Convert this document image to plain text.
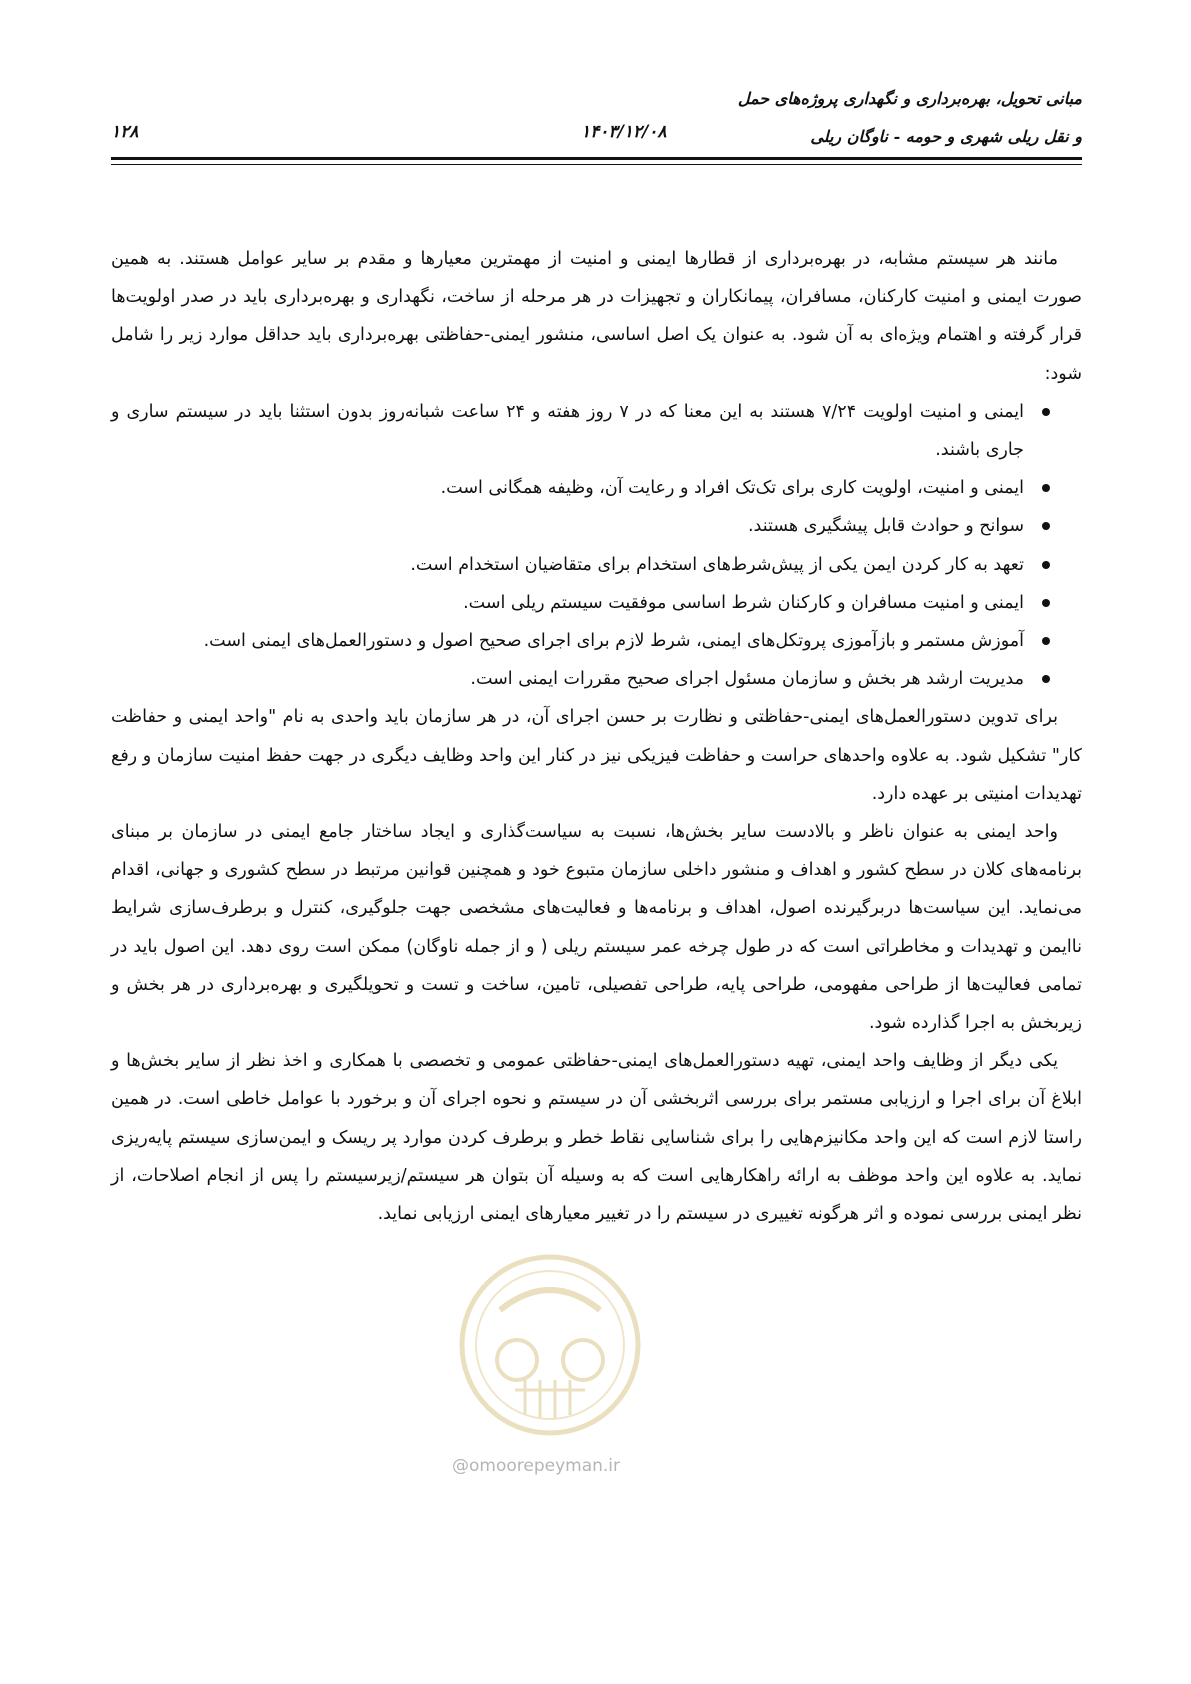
مبانی تحویل، بهره‌برداری و نگهداری پروژه‌های حمل
و نقل ریلی شهری و حومه - ناوگان ریلی
۱۴۰۳/۱۲/۰۸
۱۲۸

مانند هر سیستم مشابه، در بهره‌برداری از قطارها ایمنی و امنیت از مهمترین معیارها و مقدم بر سایر عوامل هستند. به همین صورت ایمنی و امنیت کارکنان، مسافران، پیمانکاران و تجهیزات در هر مرحله از ساخت، نگهداری و بهره‌برداری باید در صدر اولویت‌ها قرار گرفته و اهتمام ویژه‌ای به آن شود. به عنوان یک اصل اساسی، منشور ایمنی-حفاظتی بهره‌برداری باید حداقل موارد زیر را شامل شود:

ایمنی و امنیت اولویت ۷/۲۴ هستند به این معنا که در ۷ روز هفته و ۲۴ ساعت شبانه‌روز بدون استثنا باید در سیستم ساری و جاری باشند.
ایمنی و امنیت، اولویت کاری برای تک‌تک افراد و رعایت آن، وظیفه همگانی است.
سوانح و حوادث قابل پیشگیری هستند.
تعهد به کار کردن ایمن یکی از پیش‌شرط‌های استخدام برای متقاضیان استخدام است.
ایمنی و امنیت مسافران و کارکنان شرط اساسی موفقیت سیستم ریلی است.
آموزش مستمر و بازآموزی پروتکل‌های ایمنی، شرط لازم برای اجرای صحیح اصول و دستورالعمل‌های ایمنی است.
مدیریت ارشد هر بخش و سازمان مسئول اجرای صحیح مقررات ایمنی است.

برای تدوین دستورالعمل‌های ایمنی-حفاظتی و نظارت بر حسن اجرای آن، در هر سازمان باید واحدی به نام "واحد ایمنی و حفاظت کار" تشکیل شود. به علاوه واحدهای حراست و حفاظت فیزیکی نیز در کنار این واحد وظایف دیگری در جهت حفظ امنیت سازمان و رفع تهدیدات امنیتی بر عهده دارد.

واحد ایمنی به عنوان ناظر و بالادست سایر بخش‌ها، نسبت به سیاست‌گذاری و ایجاد ساختار جامع ایمنی در سازمان بر مبنای برنامه‌های کلان در سطح کشور و اهداف و منشور داخلی سازمان متبوع خود و همچنین قوانین مرتبط در سطح کشوری و جهانی، اقدام می‌نماید. این سیاست‌ها دربرگیرنده اصول، اهداف و برنامه‌ها و فعالیت‌های مشخصی جهت جلوگیری، کنترل و برطرف‌سازی شرایط ناایمن و تهدیدات و مخاطراتی است که در طول چرخه عمر سیستم ریلی ( و از جمله ناوگان) ممکن است روی دهد. این اصول باید در تمامی فعالیت‌ها از طراحی مفهومی، طراحی پایه، طراحی تفصیلی، تامین، ساخت و تست و تحویلگیری و بهره‌برداری در هر بخش و زیربخش به اجرا گذارده شود.

یکی دیگر از وظایف واحد ایمنی، تهیه دستورالعمل‌های ایمنی-حفاظتی عمومی و تخصصی با همکاری و اخذ نظر از سایر بخش‌ها و ابلاغ آن برای اجرا و ارزیابی مستمر برای بررسی اثربخشی آن در سیستم و نحوه اجرای آن و برخورد با عوامل خاطی است. در همین راستا لازم است که این واحد مکانیزم‌هایی را برای شناسایی نقاط خطر و برطرف کردن موارد پر ریسک و ایمن‌سازی سیستم پایه‌ریزی نماید. به علاوه این واحد موظف به ارائه راهکارهایی است که به وسیله آن بتوان هر سیستم/زیرسیستم را پس از انجام اصلاحات، از نظر ایمنی بررسی نموده و اثر هرگونه تغییری در سیستم را در تغییر معیارهای ایمنی ارزیابی نماید.

@omoorepeyman.ir
